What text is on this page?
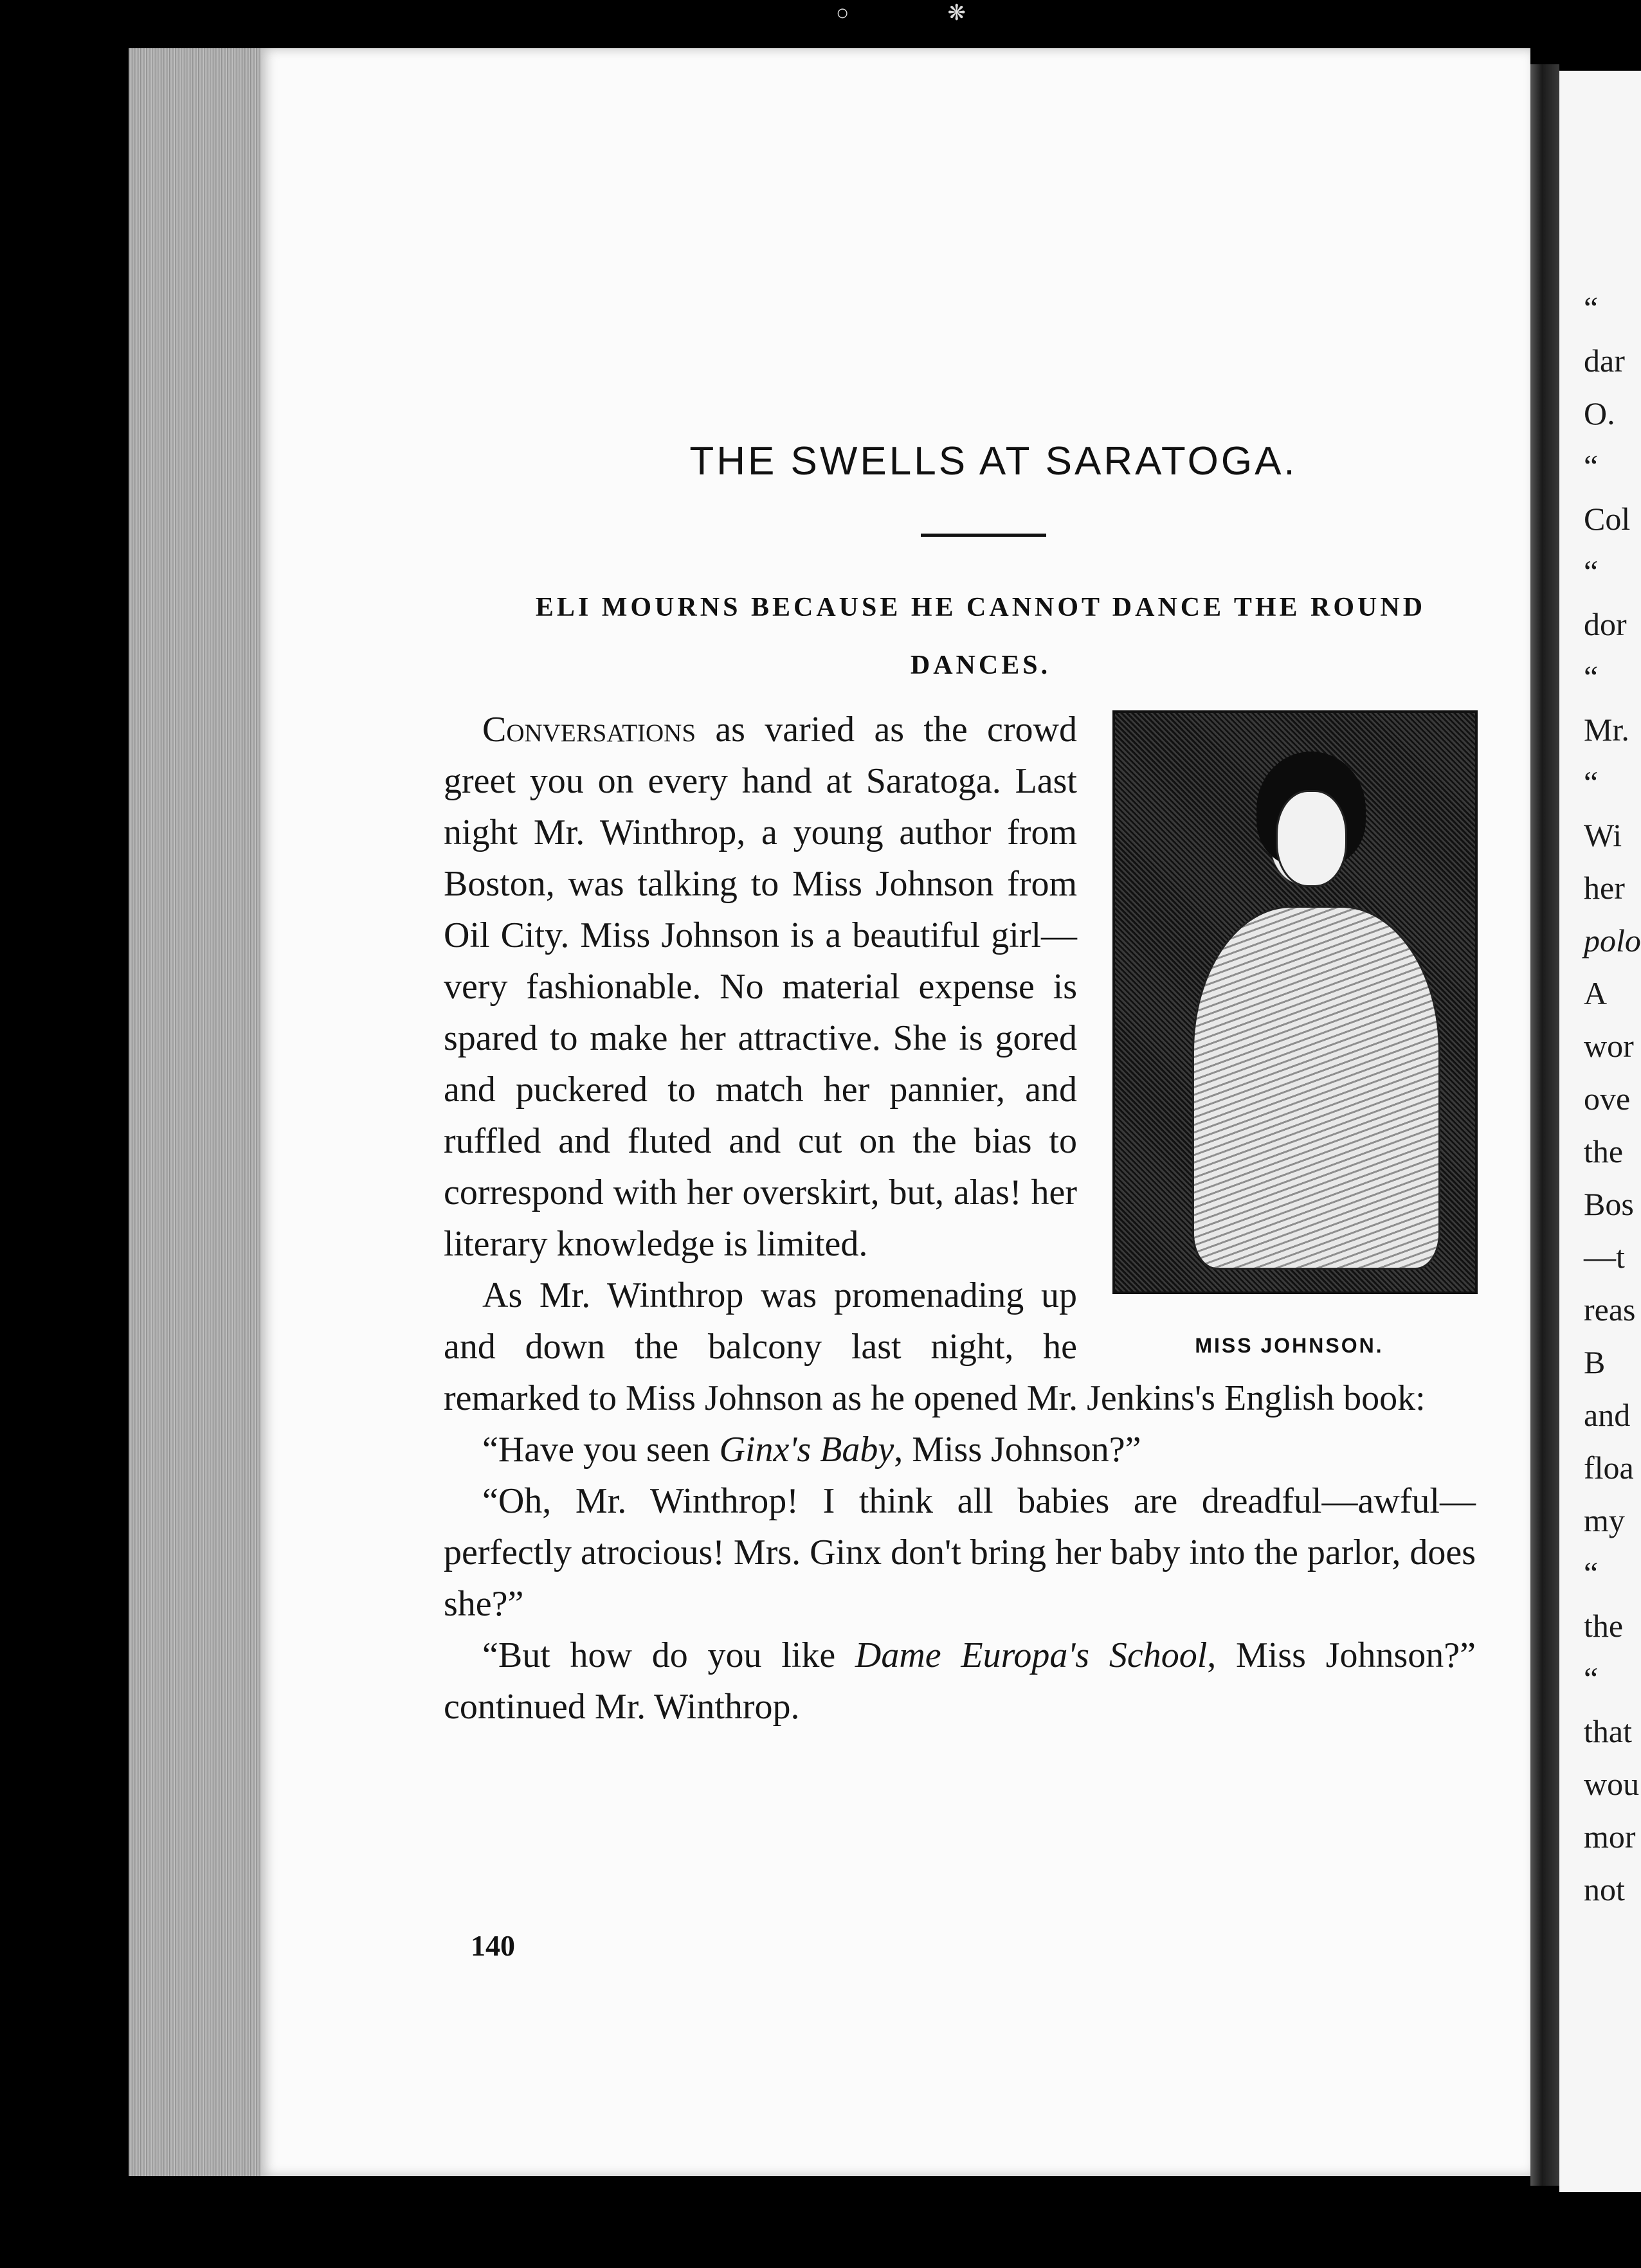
○                  ❋
“
dar
O.
“
Col
“
dor
“
Mr.
“
Wi
her
polo
A
wor
ove
the
Bos
—t
reas
B
and
floa
my
“
the
“
that
wou
mor
not
THE SWELLS AT SARATOGA.
ELI MOURNS BECAUSE HE CANNOT DANCE THE ROUND DANCES.
MISS JOHNSON.

Conversations as varied as the crowd greet you on every hand at Saratoga. Last night Mr. Winthrop, a young author from Boston, was talking to Miss Johnson from Oil City. Miss Johnson is a beautiful girl—very fashionable. No material expense is spared to make her attractive. She is gored and puckered to match her pannier, and ruffled and fluted and cut on the bias to correspond with her overskirt, but, alas! her literary knowledge is limited.

As Mr. Winthrop was promenading up and down the balcony last night, he remarked to Miss Johnson as he opened Mr. Jenkins's English book:

“Have you seen Ginx's Baby, Miss Johnson?”

“Oh, Mr. Winthrop! I think all babies are dreadful—awful—perfectly atrocious! Mrs. Ginx don't bring her baby into the parlor, does she?”

“But how do you like Dame Europa's School, Miss Johnson?” continued Mr. Winthrop.

140
